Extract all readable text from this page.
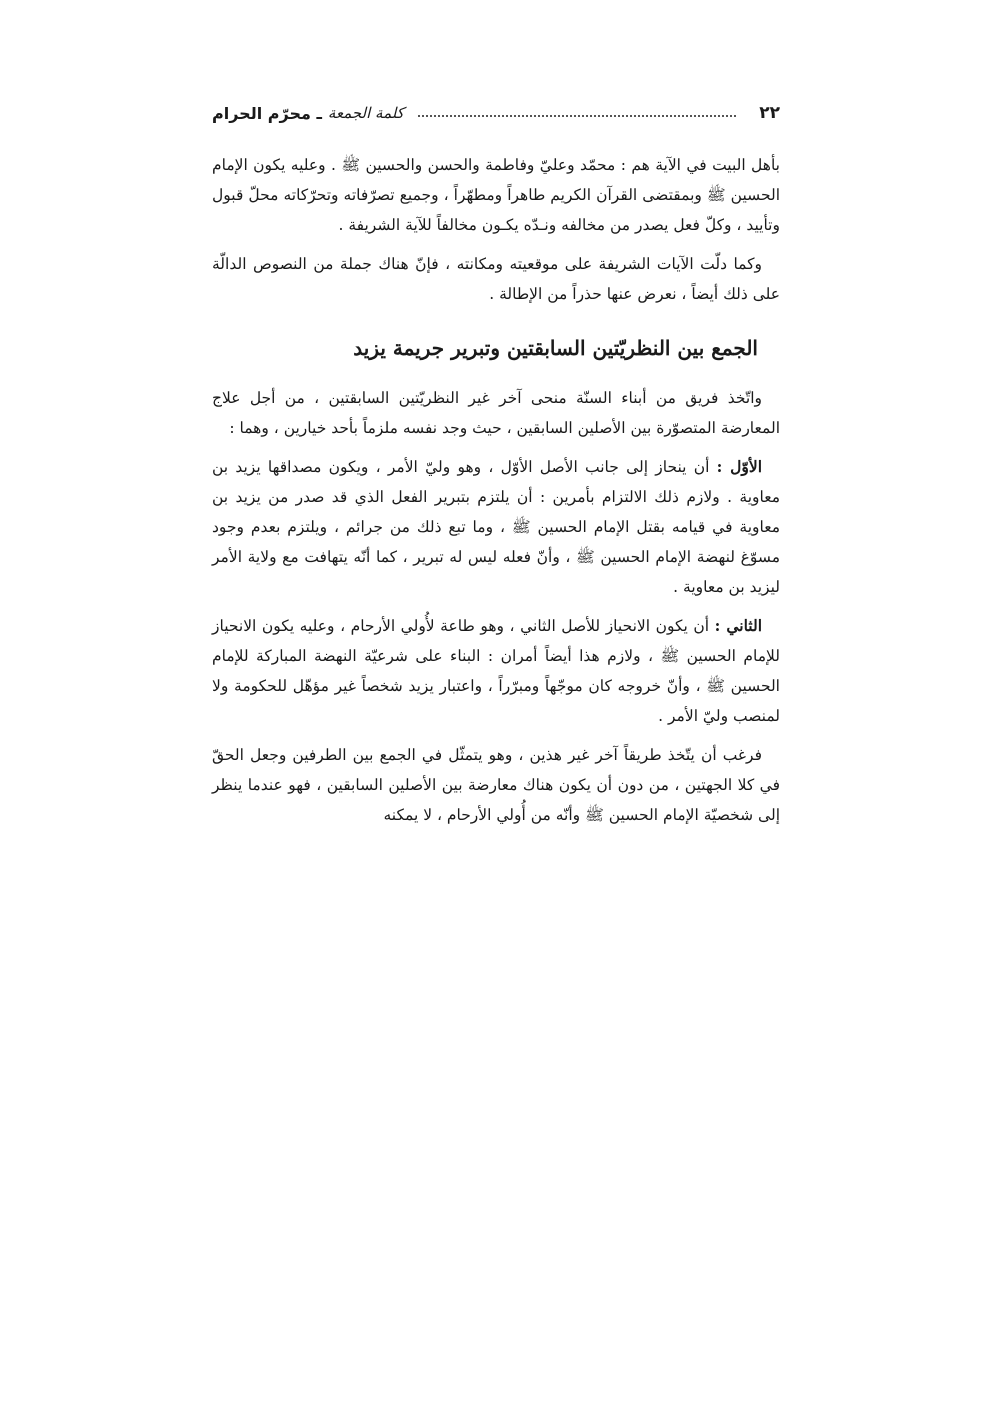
٢٢
كلمة الجمعة
ـ محرّم الحرام

بأهل البيت في الآية هم : محمّد وعليّ وفاطمة والحسن والحسين ﷺ . وعليه يكون الإمام الحسين ﷺ وبمقتضى القرآن الكريم طاهراً ومطهّراً ، وجميع تصرّفاته وتحرّكاته محلّ قبول وتأييد ، وكلّ فعل يصدر من مخالفه ونـدّه يكـون مخالفاً للآية الشريفة .

وكما دلّت الآيات الشريفة على موقعيته ومكانته ، فإنّ هناك جملة من النصوص الدالّة على ذلك أيضاً ، نعرض عنها حذراً من الإطالة .

الجمع بين النظريّتين السابقتين وتبرير جريمة يزيد

واتّخذ فريق من أبناء السنّة منحى آخر غير النظريّتين السابقتين ، من أجل علاج المعارضة المتصوّرة بين الأصلين السابقين ، حيث وجد نفسه ملزماً بأحد خيارين ، وهما :

الأوّل : أن ينحاز إلى جانب الأصل الأوّل ، وهو وليّ الأمر ، ويكون مصداقها يزيد بن معاوية . ولازم ذلك الالتزام بأمرين : أن يلتزم بتبرير الفعل الذي قد صدر من يزيد بن معاوية في قيامه بقتل الإمام الحسين ﷺ ، وما تبع ذلك من جرائم ، ويلتزم بعدم وجود مسوّغ لنهضة الإمام الحسين ﷺ ، وأنّ فعله ليس له تبرير ، كما أنّه يتهافت مع ولاية الأمر ليزيد بن معاوية .

الثاني : أن يكون الانحياز للأصل الثاني ، وهو طاعة لأُولي الأرحام ، وعليه يكون الانحياز للإمام الحسين ﷺ ، ولازم هذا أيضاً أمران : البناء على شرعيّة النهضة المباركة للإمام الحسين ﷺ ، وأنّ خروجه كان موجّهاً ومبرّراً ، واعتبار يزيد شخصاً غير مؤهّل للحكومة ولا لمنصب وليّ الأمر .

فرغب أن يتّخذ طريقاً آخر غير هذين ، وهو يتمثّل في الجمع بين الطرفين وجعل الحقّ في كلا الجهتين ، من دون أن يكون هناك معارضة بين الأصلين السابقين ، فهو عندما ينظر إلى شخصيّة الإمام الحسين ﷺ وأنّه من أُولي الأرحام ، لا يمكنه
